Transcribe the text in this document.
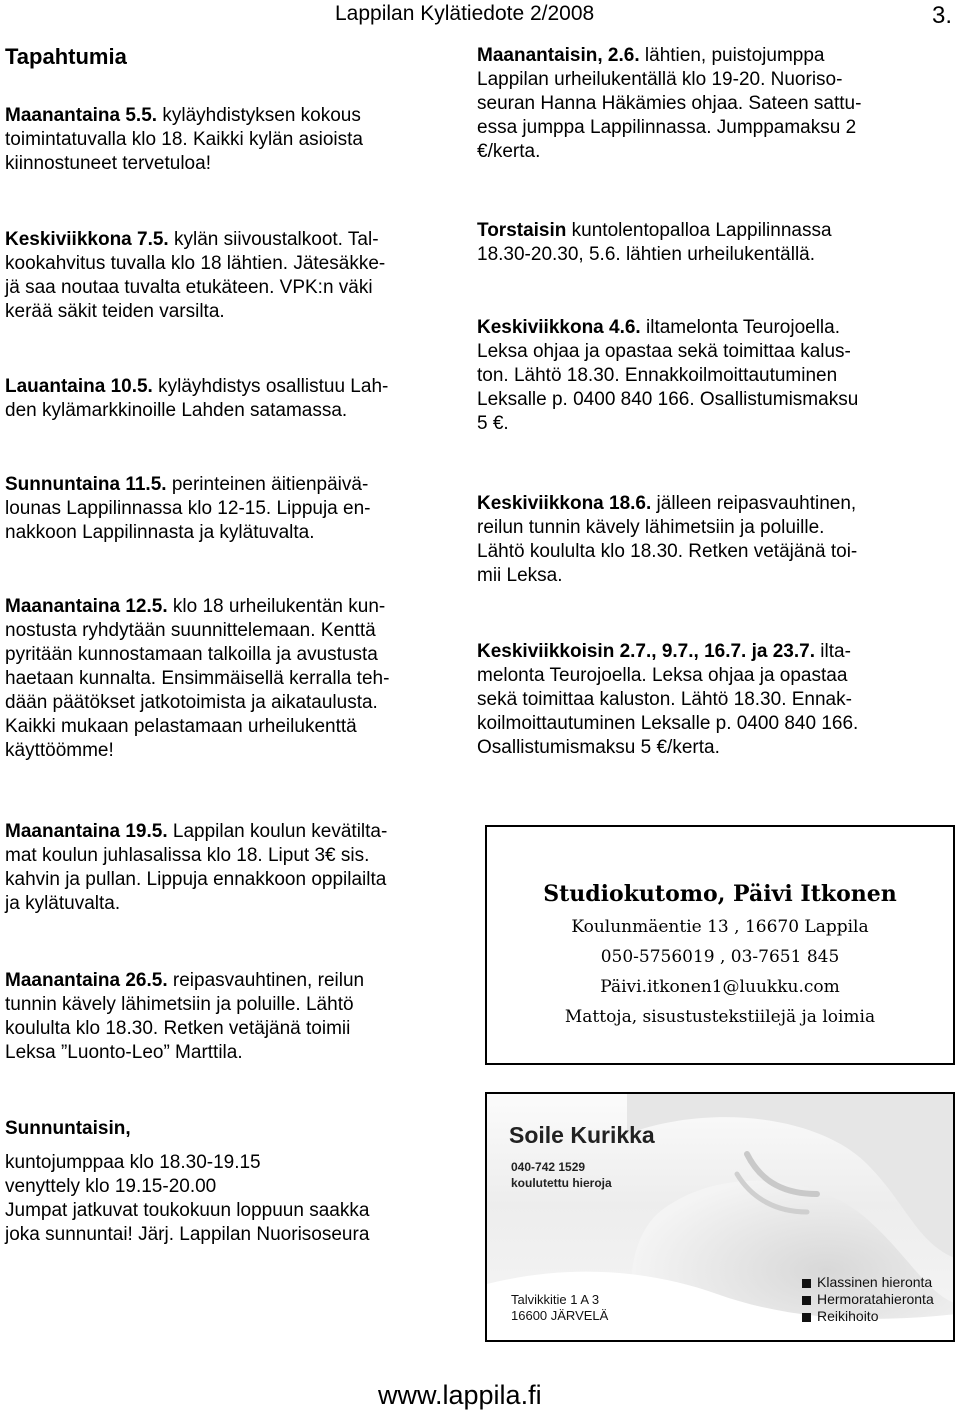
Lappilan Kylätiedote 2/2008	3.
Tapahtumia
Maanantaina 5.5. kyläyhdistyksen kokous
toimintatuvalla klo 18. Kaikki kylän asioista
kiinnostuneet tervetuloa!
Keskiviikkona 7.5. kylän siivoustalkoot. Tal-
kookahvitus tuvalla klo 18 lähtien. Jätesäkke-
jä saa noutaa tuvalta etukäteen. VPK:n väki
kerää säkit teiden varsilta.
Lauantaina 10.5. kyläyhdistys osallistuu Lah-
den kylämarkkinoille Lahden satamassa.
Sunnuntaina 11.5. perinteinen äitienpäivä-
lounas Lappilinnassa klo 12-15. Lippuja en-
nakkoon Lappilinnasta ja kylätuvalta.
Maanantaina 12.5. klo 18 urheilukentän kun-
nostusta ryhdytään suunnittelemaan. Kenttä
pyritään kunnostamaan talkoilla ja avustusta
haetaan kunnalta. Ensimmäisellä kerralla teh-
dään päätökset jatkotoimista ja aikataulusta.
Kaikki mukaan pelastamaan urheilukenttä
käyttöömme!
Maanantaina 19.5. Lappilan koulun kevätilta-
mat koulun juhlasalissa klo 18. Liput 3€ sis.
kahvin ja pullan. Lippuja ennakkoon oppilailta
ja kylätuvalta.
Maanantaina 26.5. reipasvauhtinen, reilun
tunnin kävely lähimetsiin ja poluille. Lähtö
koululta klo 18.30. Retken vetäjänä toimii
Leksa ”Luonto-Leo” Marttila.
Sunnuntaisin,
kuntojumppaa klo 18.30-19.15
venyttely klo 19.15-20.00
Jumpat jatkuvat toukokuun loppuun saakka
joka sunnuntai! Järj. Lappilan Nuorisoseura
Maanantaisin, 2.6. lähtien, puistojumppa
Lappilan urheilukentällä klo 19-20. Nuoriso-
seuran Hanna Häkämies ohjaa. Sateen sattu-
essa jumppa Lappilinnassa. Jumppamaksu 2
€/kerta.
Torstaisin kuntolentopalloa Lappilinnassa
18.30-20.30, 5.6. lähtien urheilukentällä.
Keskiviikkona 4.6. iltamelonta Teurojoella.
Leksa ohjaa ja opastaa sekä toimittaa kalus-
ton. Lähtö 18.30. Ennakkoilmoittautuminen
Leksalle p. 0400 840 166. Osallistumismaksu
5 €.
Keskiviikkona 18.6. jälleen reipasvauhtinen,
reilun tunnin kävely lähimetsiin ja poluille.
Lähtö koululta klo 18.30. Retken vetäjänä toi-
mii Leksa.
Keskiviikkoisin 2.7., 9.7., 16.7. ja 23.7. ilta-
melonta Teurojoella. Leksa ohjaa ja opastaa
sekä toimittaa kaluston. Lähtö 18.30. Ennak-
koilmoittautuminen Leksalle p. 0400 840 166.
Osallistumismaksu 5 €/kerta.
Studiokutomo, Päivi Itkonen
Koulunmäentie 13 , 16670 Lappila
050-5756019 , 03-7651 845
Päivi.itkonen1@luukku.com
Mattoja, sisustustekstiilejä ja loimia
Soile Kurikka
040-742 1529
koulutettu hieroja
Talvikkitie 1 A 3
16600 JÄRVELÄ
Klassinen hieronta
Hermoratahieronta
Reikihoito
www.lappila.fi
